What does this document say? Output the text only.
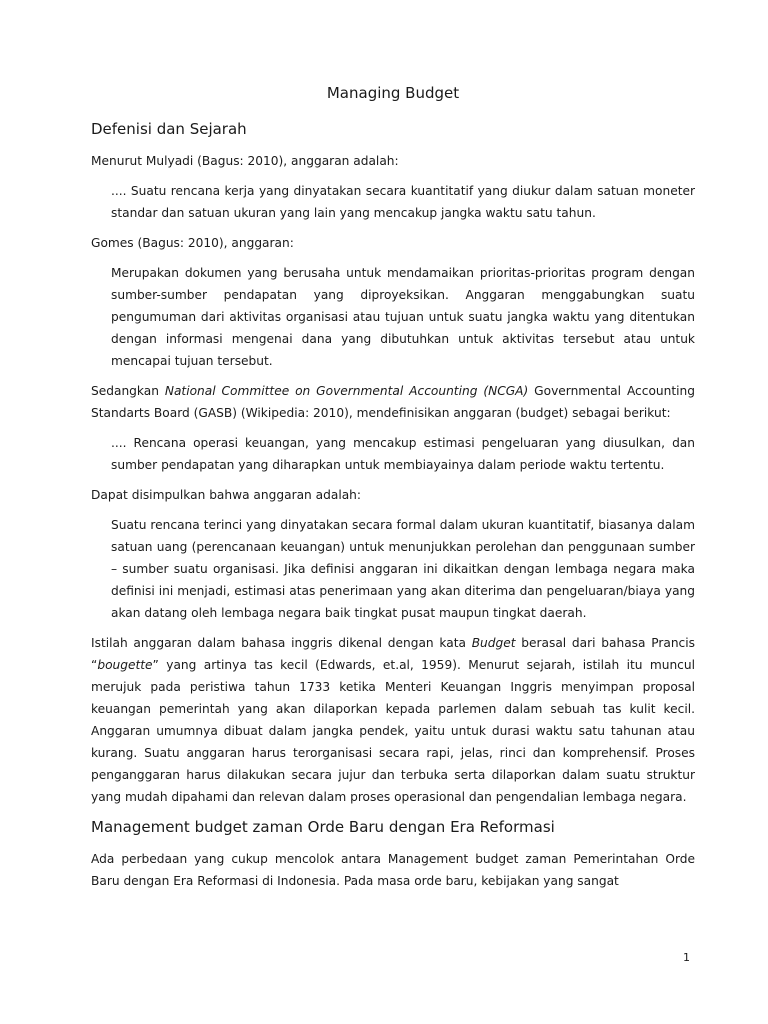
Managing Budget
Defenisi dan Sejarah

Menurut Mulyadi (Bagus: 2010), anggaran adalah:

.... Suatu rencana kerja yang dinyatakan secara kuantitatif yang diukur dalam satuan moneter standar dan satuan ukuran yang lain yang mencakup jangka waktu satu tahun.

Gomes (Bagus: 2010), anggaran:

Merupakan dokumen yang berusaha untuk mendamaikan prioritas-prioritas program dengan sumber-sumber pendapatan yang diproyeksikan. Anggaran menggabungkan suatu pengumuman dari aktivitas organisasi atau tujuan untuk suatu jangka waktu yang ditentukan dengan informasi mengenai dana yang dibutuhkan untuk aktivitas tersebut atau untuk mencapai tujuan tersebut.

Sedangkan National Committee on Governmental Accounting (NCGA) Governmental Accounting Standarts Board (GASB) (Wikipedia: 2010), mendefinisikan anggaran (budget) sebagai berikut:

.... Rencana operasi keuangan, yang mencakup estimasi pengeluaran yang diusulkan, dan sumber pendapatan yang diharapkan untuk membiayainya dalam periode waktu tertentu.

Dapat disimpulkan bahwa anggaran adalah:

Suatu rencana terinci yang dinyatakan secara formal dalam ukuran kuantitatif, biasanya dalam satuan uang (perencanaan keuangan) untuk menunjukkan perolehan dan penggunaan sumber – sumber suatu organisasi. Jika definisi anggaran ini dikaitkan dengan lembaga negara maka definisi ini menjadi, estimasi atas penerimaan yang akan diterima dan pengeluaran/biaya yang akan datang oleh lembaga negara baik tingkat pusat maupun tingkat daerah.

Istilah anggaran dalam bahasa inggris dikenal dengan kata Budget berasal dari bahasa Prancis “bougette” yang artinya tas kecil (Edwards, et.al, 1959). Menurut sejarah, istilah itu muncul merujuk pada peristiwa tahun 1733 ketika Menteri Keuangan Inggris menyimpan proposal keuangan pemerintah yang akan dilaporkan kepada parlemen dalam sebuah tas kulit kecil. Anggaran umumnya dibuat dalam jangka pendek, yaitu untuk durasi waktu satu tahunan atau kurang. Suatu anggaran harus terorganisasi secara rapi, jelas, rinci dan komprehensif. Proses penganggaran harus dilakukan secara jujur dan terbuka serta dilaporkan dalam suatu struktur yang mudah dipahami dan relevan dalam proses operasional dan pengendalian lembaga negara.

Management budget zaman Orde Baru dengan Era Reformasi

Ada perbedaan yang cukup mencolok antara Management budget zaman Pemerintahan Orde Baru dengan Era Reformasi di Indonesia. Pada masa orde baru, kebijakan yang sangat

1
